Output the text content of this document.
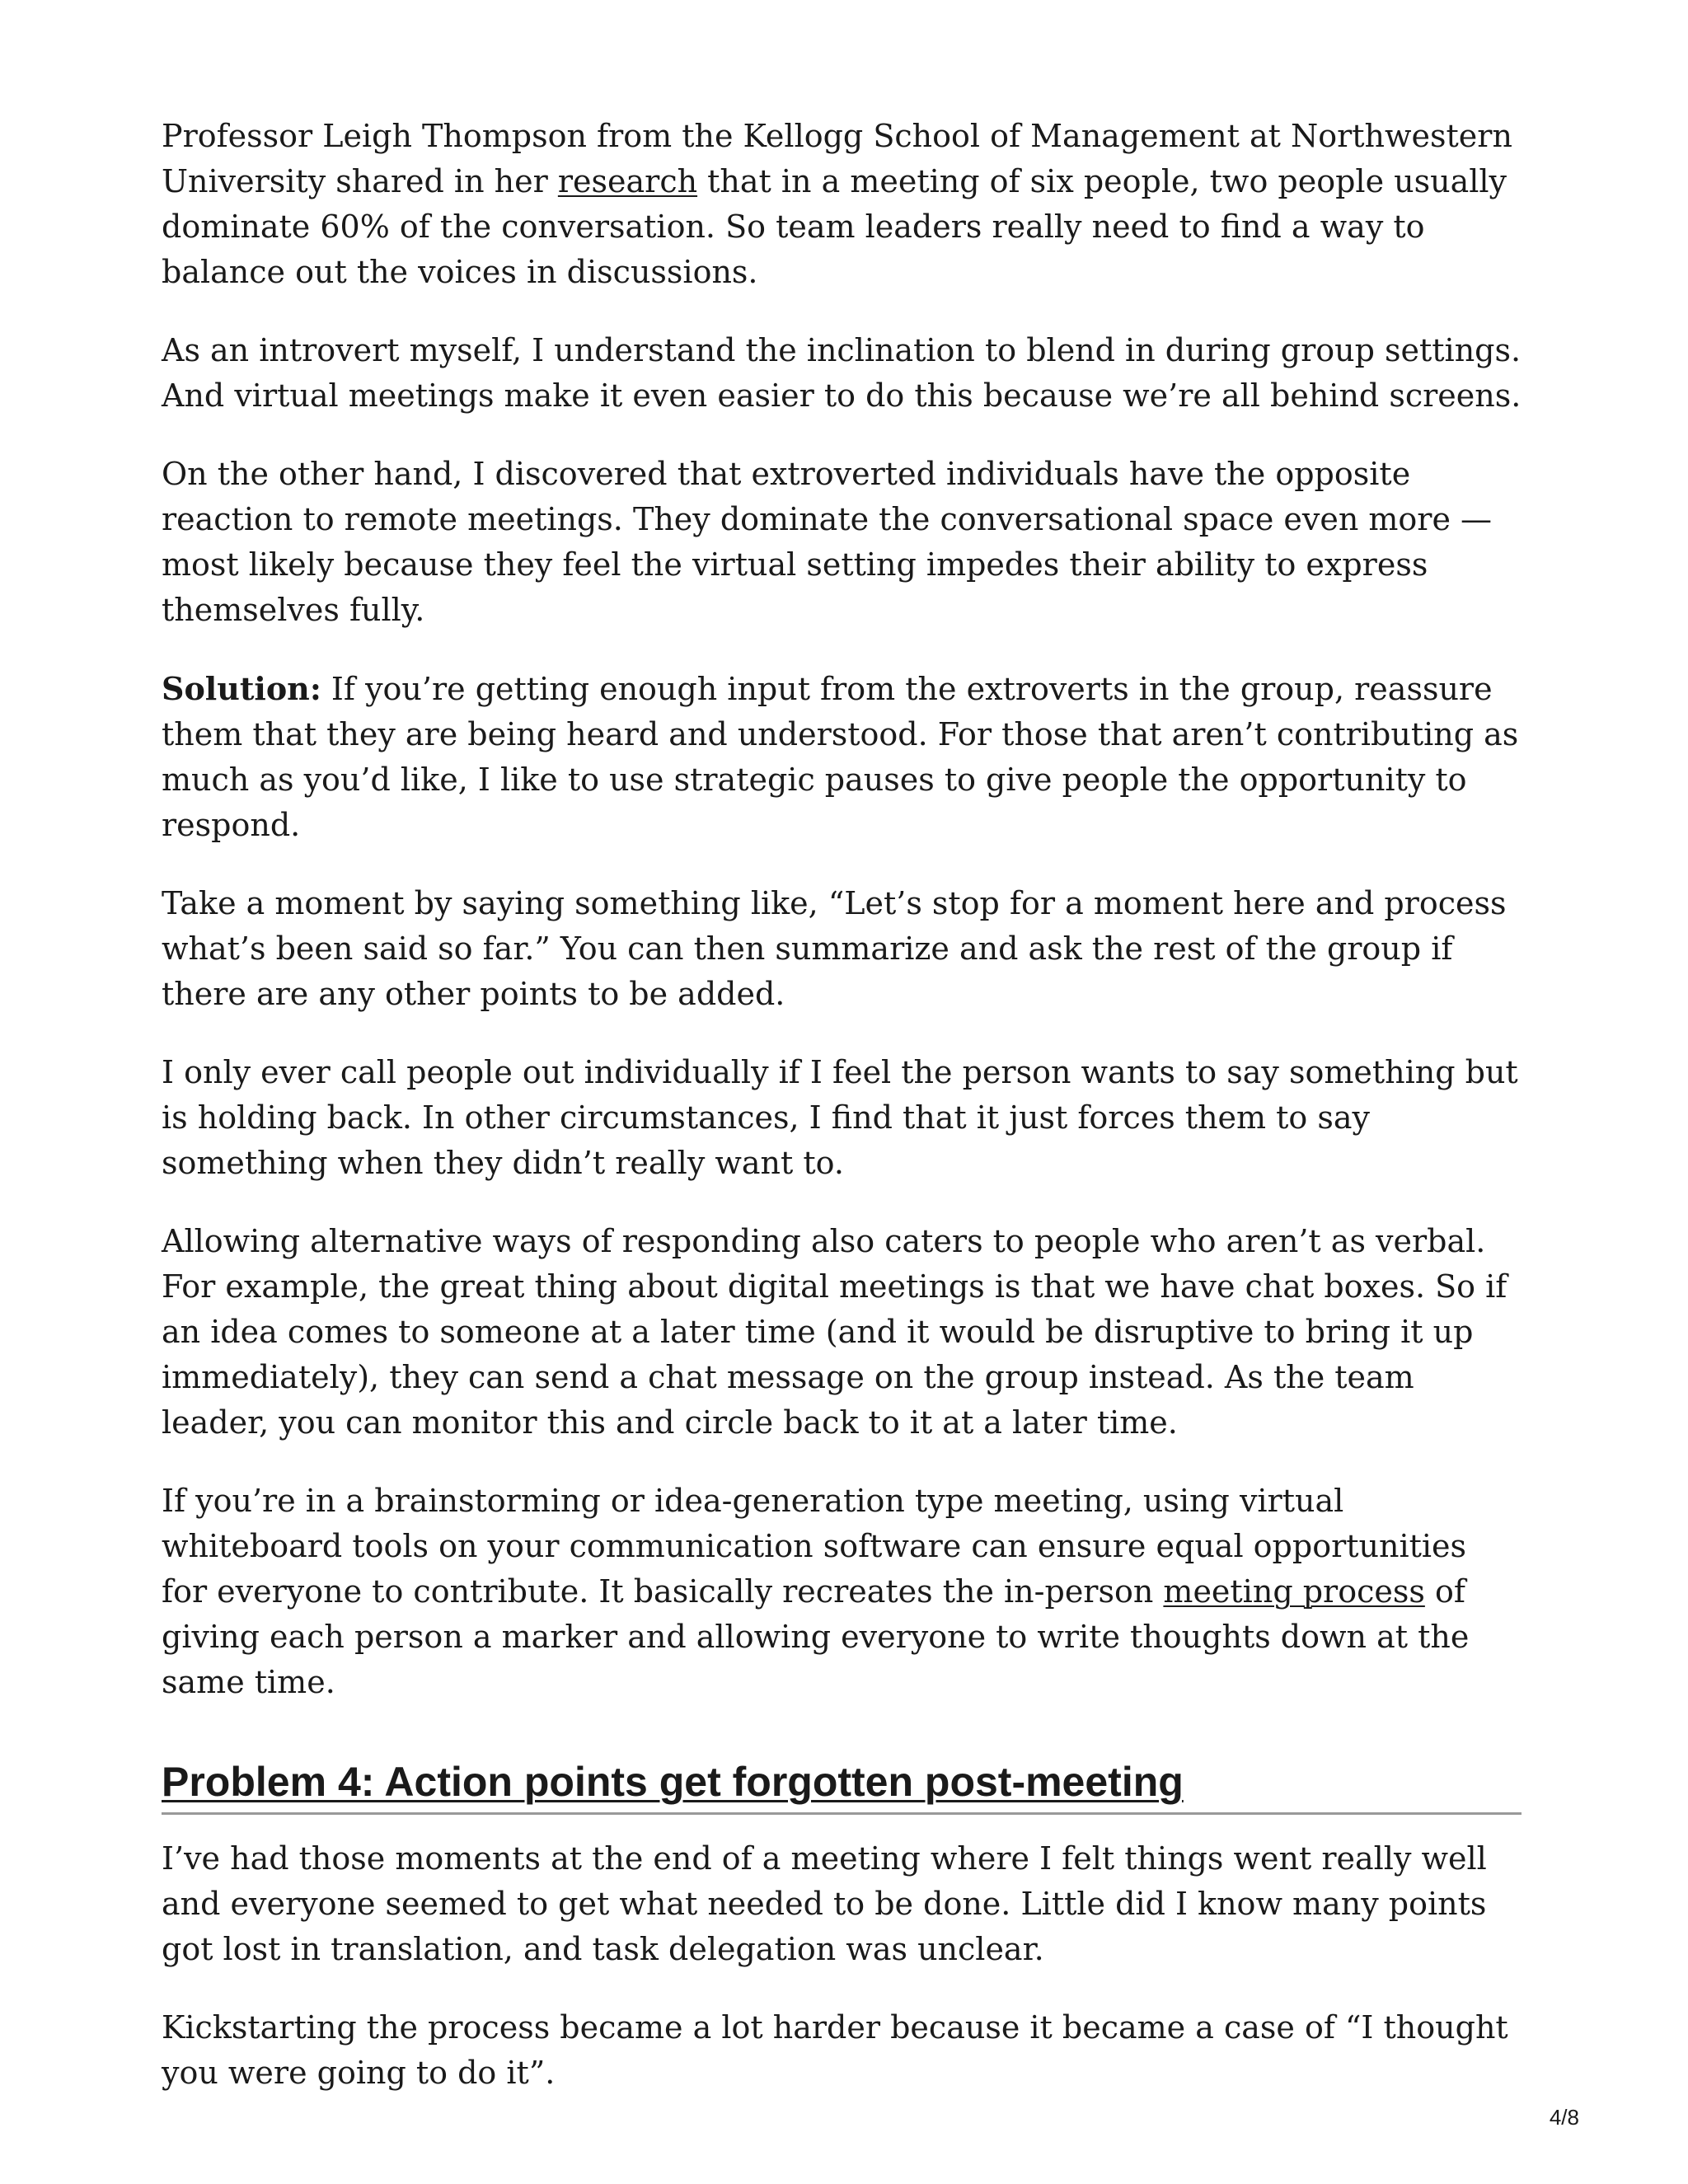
Professor Leigh Thompson from the Kellogg School of Management at Northwestern University shared in her research that in a meeting of six people, two people usually dominate 60% of the conversation. So team leaders really need to find a way to balance out the voices in discussions.

As an introvert myself, I understand the inclination to blend in during group settings. And virtual meetings make it even easier to do this because we’re all behind screens.

On the other hand, I discovered that extroverted individuals have the opposite reaction to remote meetings. They dominate the conversational space even more — most likely because they feel the virtual setting impedes their ability to express themselves fully.

Solution: If you’re getting enough input from the extroverts in the group, reassure them that they are being heard and understood. For those that aren’t contributing as much as you’d like, I like to use strategic pauses to give people the opportunity to respond.

Take a moment by saying something like, “Let’s stop for a moment here and process what’s been said so far.” You can then summarize and ask the rest of the group if there are any other points to be added.

I only ever call people out individually if I feel the person wants to say something but is holding back. In other circumstances, I find that it just forces them to say something when they didn’t really want to.

Allowing alternative ways of responding also caters to people who aren’t as verbal. For example, the great thing about digital meetings is that we have chat boxes. So if an idea comes to someone at a later time (and it would be disruptive to bring it up immediately), they can send a chat message on the group instead. As the team leader, you can monitor this and circle back to it at a later time.

If you’re in a brainstorming or idea-generation type meeting, using virtual whiteboard tools on your communication software can ensure equal opportunities for everyone to contribute. It basically recreates the in-person meeting process of giving each person a marker and allowing everyone to write thoughts down at the same time.

Problem 4: Action points get forgotten post-meeting

I’ve had those moments at the end of a meeting where I felt things went really well and everyone seemed to get what needed to be done. Little did I know many points got lost in translation, and task delegation was unclear.

Kickstarting the process became a lot harder because it became a case of “I thought you were going to do it”.

4/8
